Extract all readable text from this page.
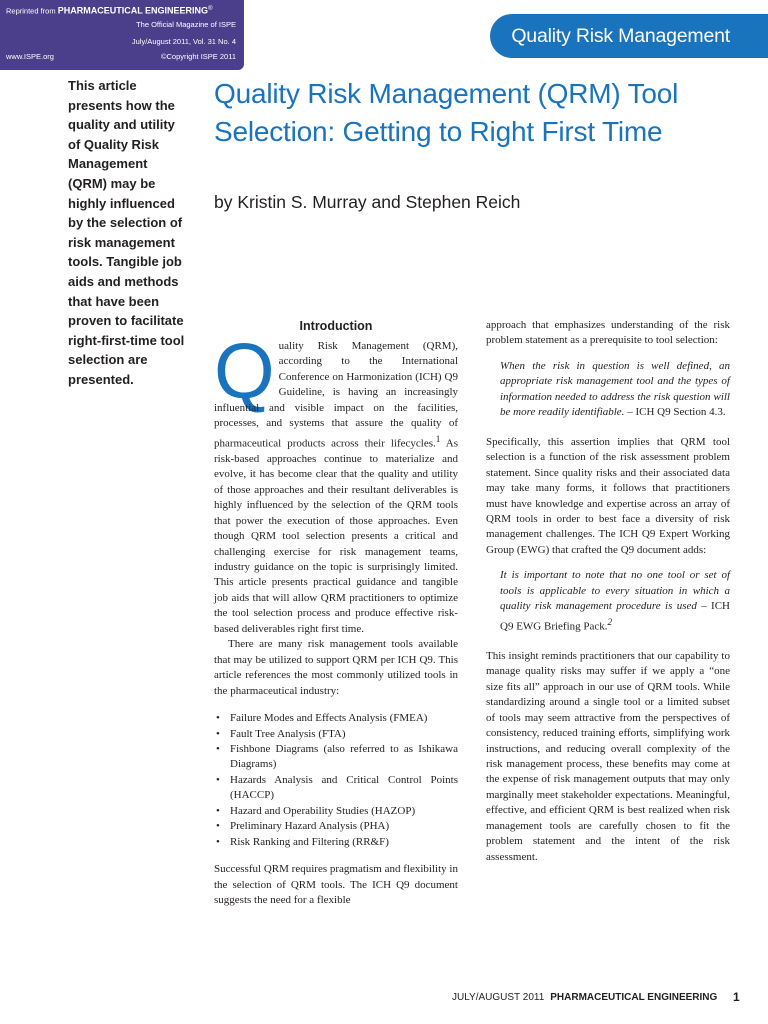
Reprinted from PHARMACEUTICAL ENGINEERING®
The Official Magazine of ISPE
July/August 2011, Vol. 31 No. 4
www.ISPE.org	©Copyright ISPE 2011
Quality Risk Management
Quality Risk Management (QRM) Tool Selection: Getting to Right First Time

by Kristin S. Murray and Stephen Reich

This article presents how the quality and utility of Quality Risk Management (QRM) may be highly influenced by the selection of risk management tools. Tangible job aids and methods that have been proven to facilitate right-first-time tool selection are presented.

Introduction

Quality Risk Management (QRM), according to the International Conference on Harmonization (ICH) Q9 Guideline, is having an increasingly influential and visible impact on the facilities, processes, and systems that assure the quality of pharmaceutical products across their lifecycles.$^1$ As risk-based approaches continue to materialize and evolve, it has become clear that the quality and utility of those approaches and their resultant deliverables is highly influenced by the selection of the QRM tools that power the execution of those approaches. Even though QRM tool selection presents a critical and challenging exercise for risk management teams, industry guidance on the topic is surprisingly limited. This article presents practical guidance and tangible job aids that will allow QRM practitioners to optimize the tool selection process and produce effective risk-based deliverables right first time.

There are many risk management tools available that may be utilized to support QRM per ICH Q9. This article references the most commonly utilized tools in the pharmaceutical industry:

• Failure Modes and Effects Analysis (FMEA)
• Fault Tree Analysis (FTA)
• Fishbone Diagrams (also referred to as Ishikawa Diagrams)
• Hazards Analysis and Critical Control Points (HACCP)
• Hazard and Operability Studies (HAZOP)
• Preliminary Hazard Analysis (PHA)
• Risk Ranking and Filtering (RR&F)

Successful QRM requires pragmatism and flexibility in the selection of QRM tools. The ICH Q9 document suggests the need for a flexible

approach that emphasizes understanding of the risk problem statement as a prerequisite to tool selection:

When the risk in question is well defined, an appropriate risk management tool and the types of information needed to address the risk question will be more readily identifiable. – ICH Q9 Section 4.3.

Specifically, this assertion implies that QRM tool selection is a function of the risk assessment problem statement. Since quality risks and their associated data may take many forms, it follows that practitioners must have knowledge and expertise across an array of QRM tools in order to best face a diversity of risk management challenges. The ICH Q9 Expert Working Group (EWG) that crafted the Q9 document adds:

It is important to note that no one tool or set of tools is applicable to every situation in which a quality risk management procedure is used – ICH Q9 EWG Briefing Pack.$^2$

This insight reminds practitioners that our capability to manage quality risks may suffer if we apply a “one size fits all” approach in our use of QRM tools. While standardizing around a single tool or a limited subset of tools may seem attractive from the perspectives of consistency, reduced training efforts, simplifying work instructions, and reducing overall complexity of the risk management process, these benefits may come at the expense of risk management outputs that may only marginally meet stakeholder expectations. Meaningful, effective, and efficient QRM is best realized when risk management tools are carefully chosen to fit the problem statement and the intent of the risk assessment.

JULY/AUGUST 2011 PHARMACEUTICAL ENGINEERING 1
